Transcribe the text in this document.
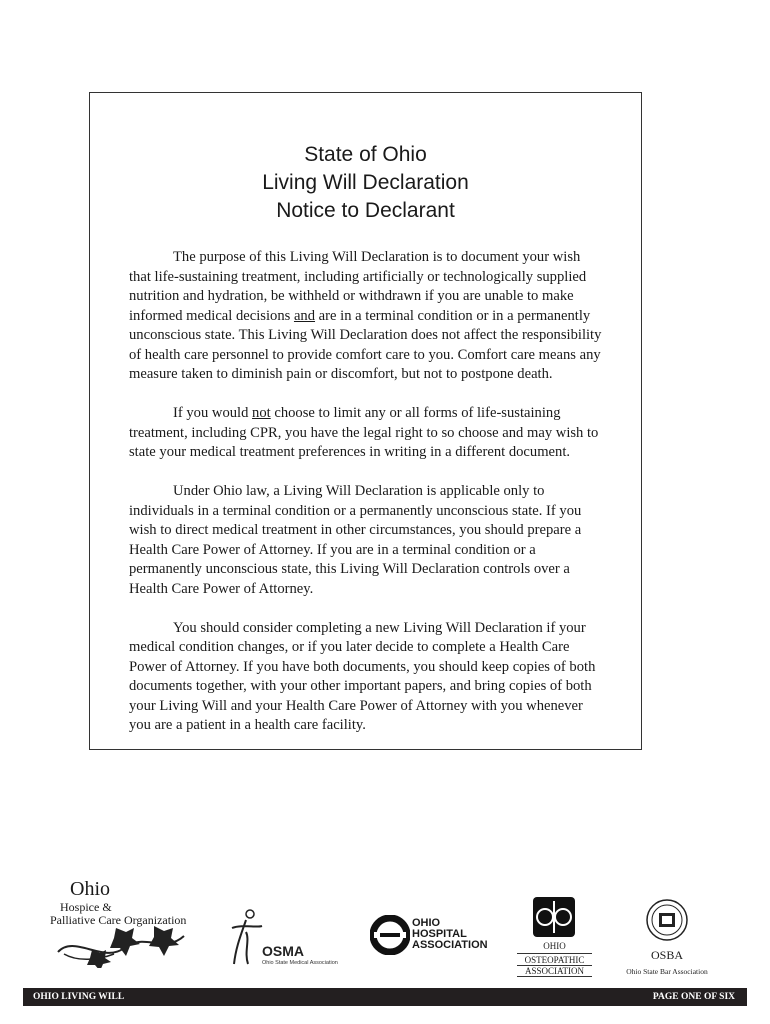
State of Ohio
Living Will Declaration
Notice to Declarant

The purpose of this Living Will Declaration is to document your wish that life-sustaining treatment, including artificially or technologically supplied nutrition and hydration, be withheld or withdrawn if you are unable to make informed medical decisions and are in a terminal condition or in a permanently unconscious state. This Living Will Declaration does not affect the responsibility of health care personnel to provide comfort care to you. Comfort care means any measure taken to diminish pain or discomfort, but not to postpone death.

If you would not choose to limit any or all forms of life-sustaining treatment, including CPR, you have the legal right to so choose and may wish to state your medical treatment preferences in writing in a different document.

Under Ohio law, a Living Will Declaration is applicable only to individuals in a terminal condition or a permanently unconscious state. If you wish to direct medical treatment in other circumstances, you should prepare a Health Care Power of Attorney. If you are in a terminal condition or a permanently unconscious state, this Living Will Declaration controls over a Health Care Power of Attorney.

You should consider completing a new Living Will Declaration if your medical condition changes, or if you later decide to complete a Health Care Power of Attorney. If you have both documents, you should keep copies of both documents together, with your other important papers, and bring copies of both your Living Will and your Health Care Power of Attorney with you whenever you are a patient in a health care facility.

Ohio
Hospice &
Palliative Care Organization
OSMA
Ohio State Medical Association
OHIO
HOSPITAL
ASSOCIATION	OHIO
OSTEOPATHIC
ASSOCIATION
OSBA
Ohio State Bar Association
OHIO LIVING WILL	PAGE ONE OF SIX
